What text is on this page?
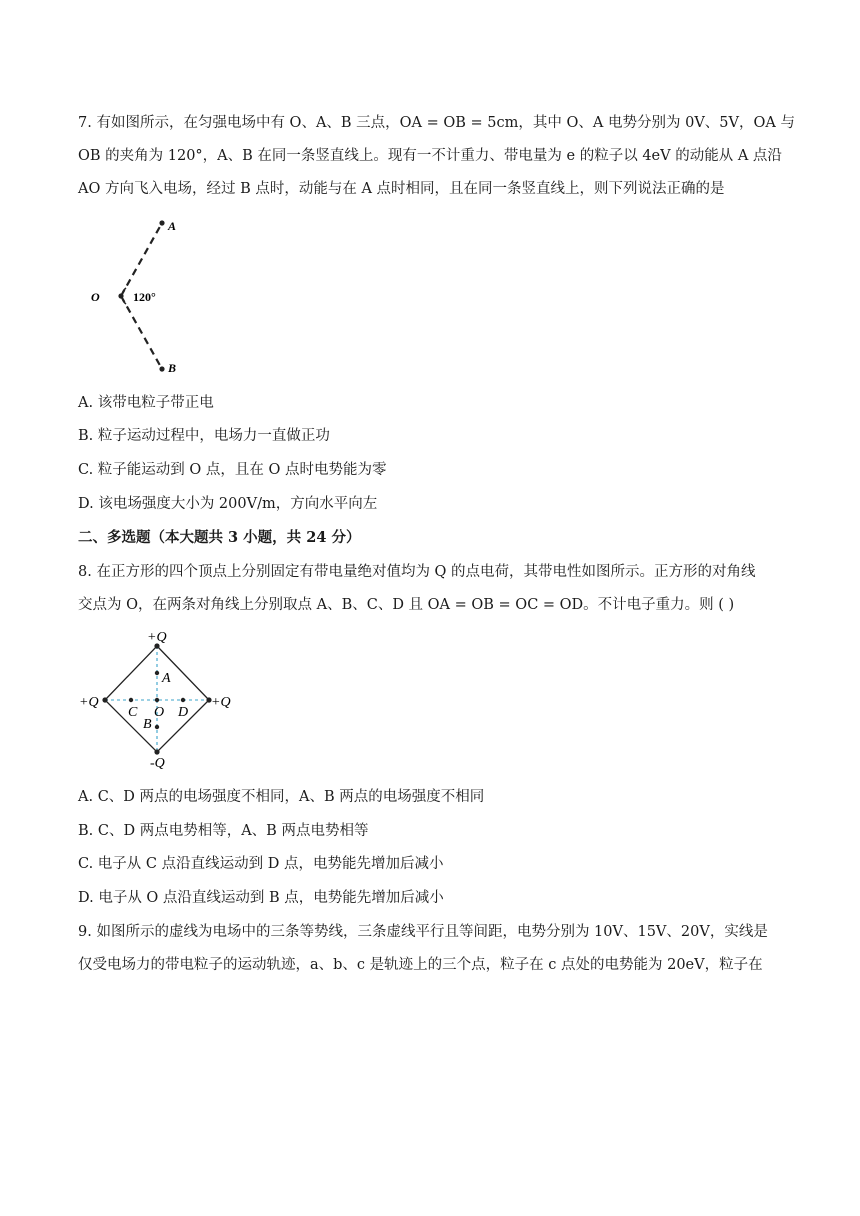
7. 有如图所示，在匀强电场中有 O、A、B 三点，OA = OB = 5cm，其中 O、A 电势分别为 0V、5V，OA 与
OB 的夹角为 120°，A、B 在同一条竖直线上。现有一不计重力、带电量为 e 的粒子以 4eV 的动能从 A 点沿
AO 方向飞入电场，经过 B 点时，动能与在 A 点时相同，且在同一条竖直线上，则下列说法正确的是
A
O
B
120°
A. 该带电粒子带正电
B. 粒子运动过程中，电场力一直做正功
C. 粒子能运动到 O 点，且在 O 点时电势能为零
D. 该电场强度大小为 200V/m，方向水平向左
二、多选题（本大题共 3 小题，共 24 分）
8. 在正方形的四个顶点上分别固定有带电量绝对值均为 Q 的点电荷，其带电性如图所示。正方形的对角线
交点为 O，在两条对角线上分别取点 A、B、C、D 且 OA = OB = OC = OD。不计电子重力。则 ( )
+Q
+Q	+Q
-Q
A
B
C O D
A. C、D 两点的电场强度不相同，A、B 两点的电场强度不相同
B. C、D 两点电势相等，A、B 两点电势相等
C. 电子从 C 点沿直线运动到 D 点，电势能先增加后减小
D. 电子从 O 点沿直线运动到 B 点，电势能先增加后减小
9. 如图所示的虚线为电场中的三条等势线，三条虚线平行且等间距，电势分别为 10V、15V、20V，实线是
仅受电场力的带电粒子的运动轨迹，a、b、c 是轨迹上的三个点，粒子在 c 点处的电势能为 20eV，粒子在
